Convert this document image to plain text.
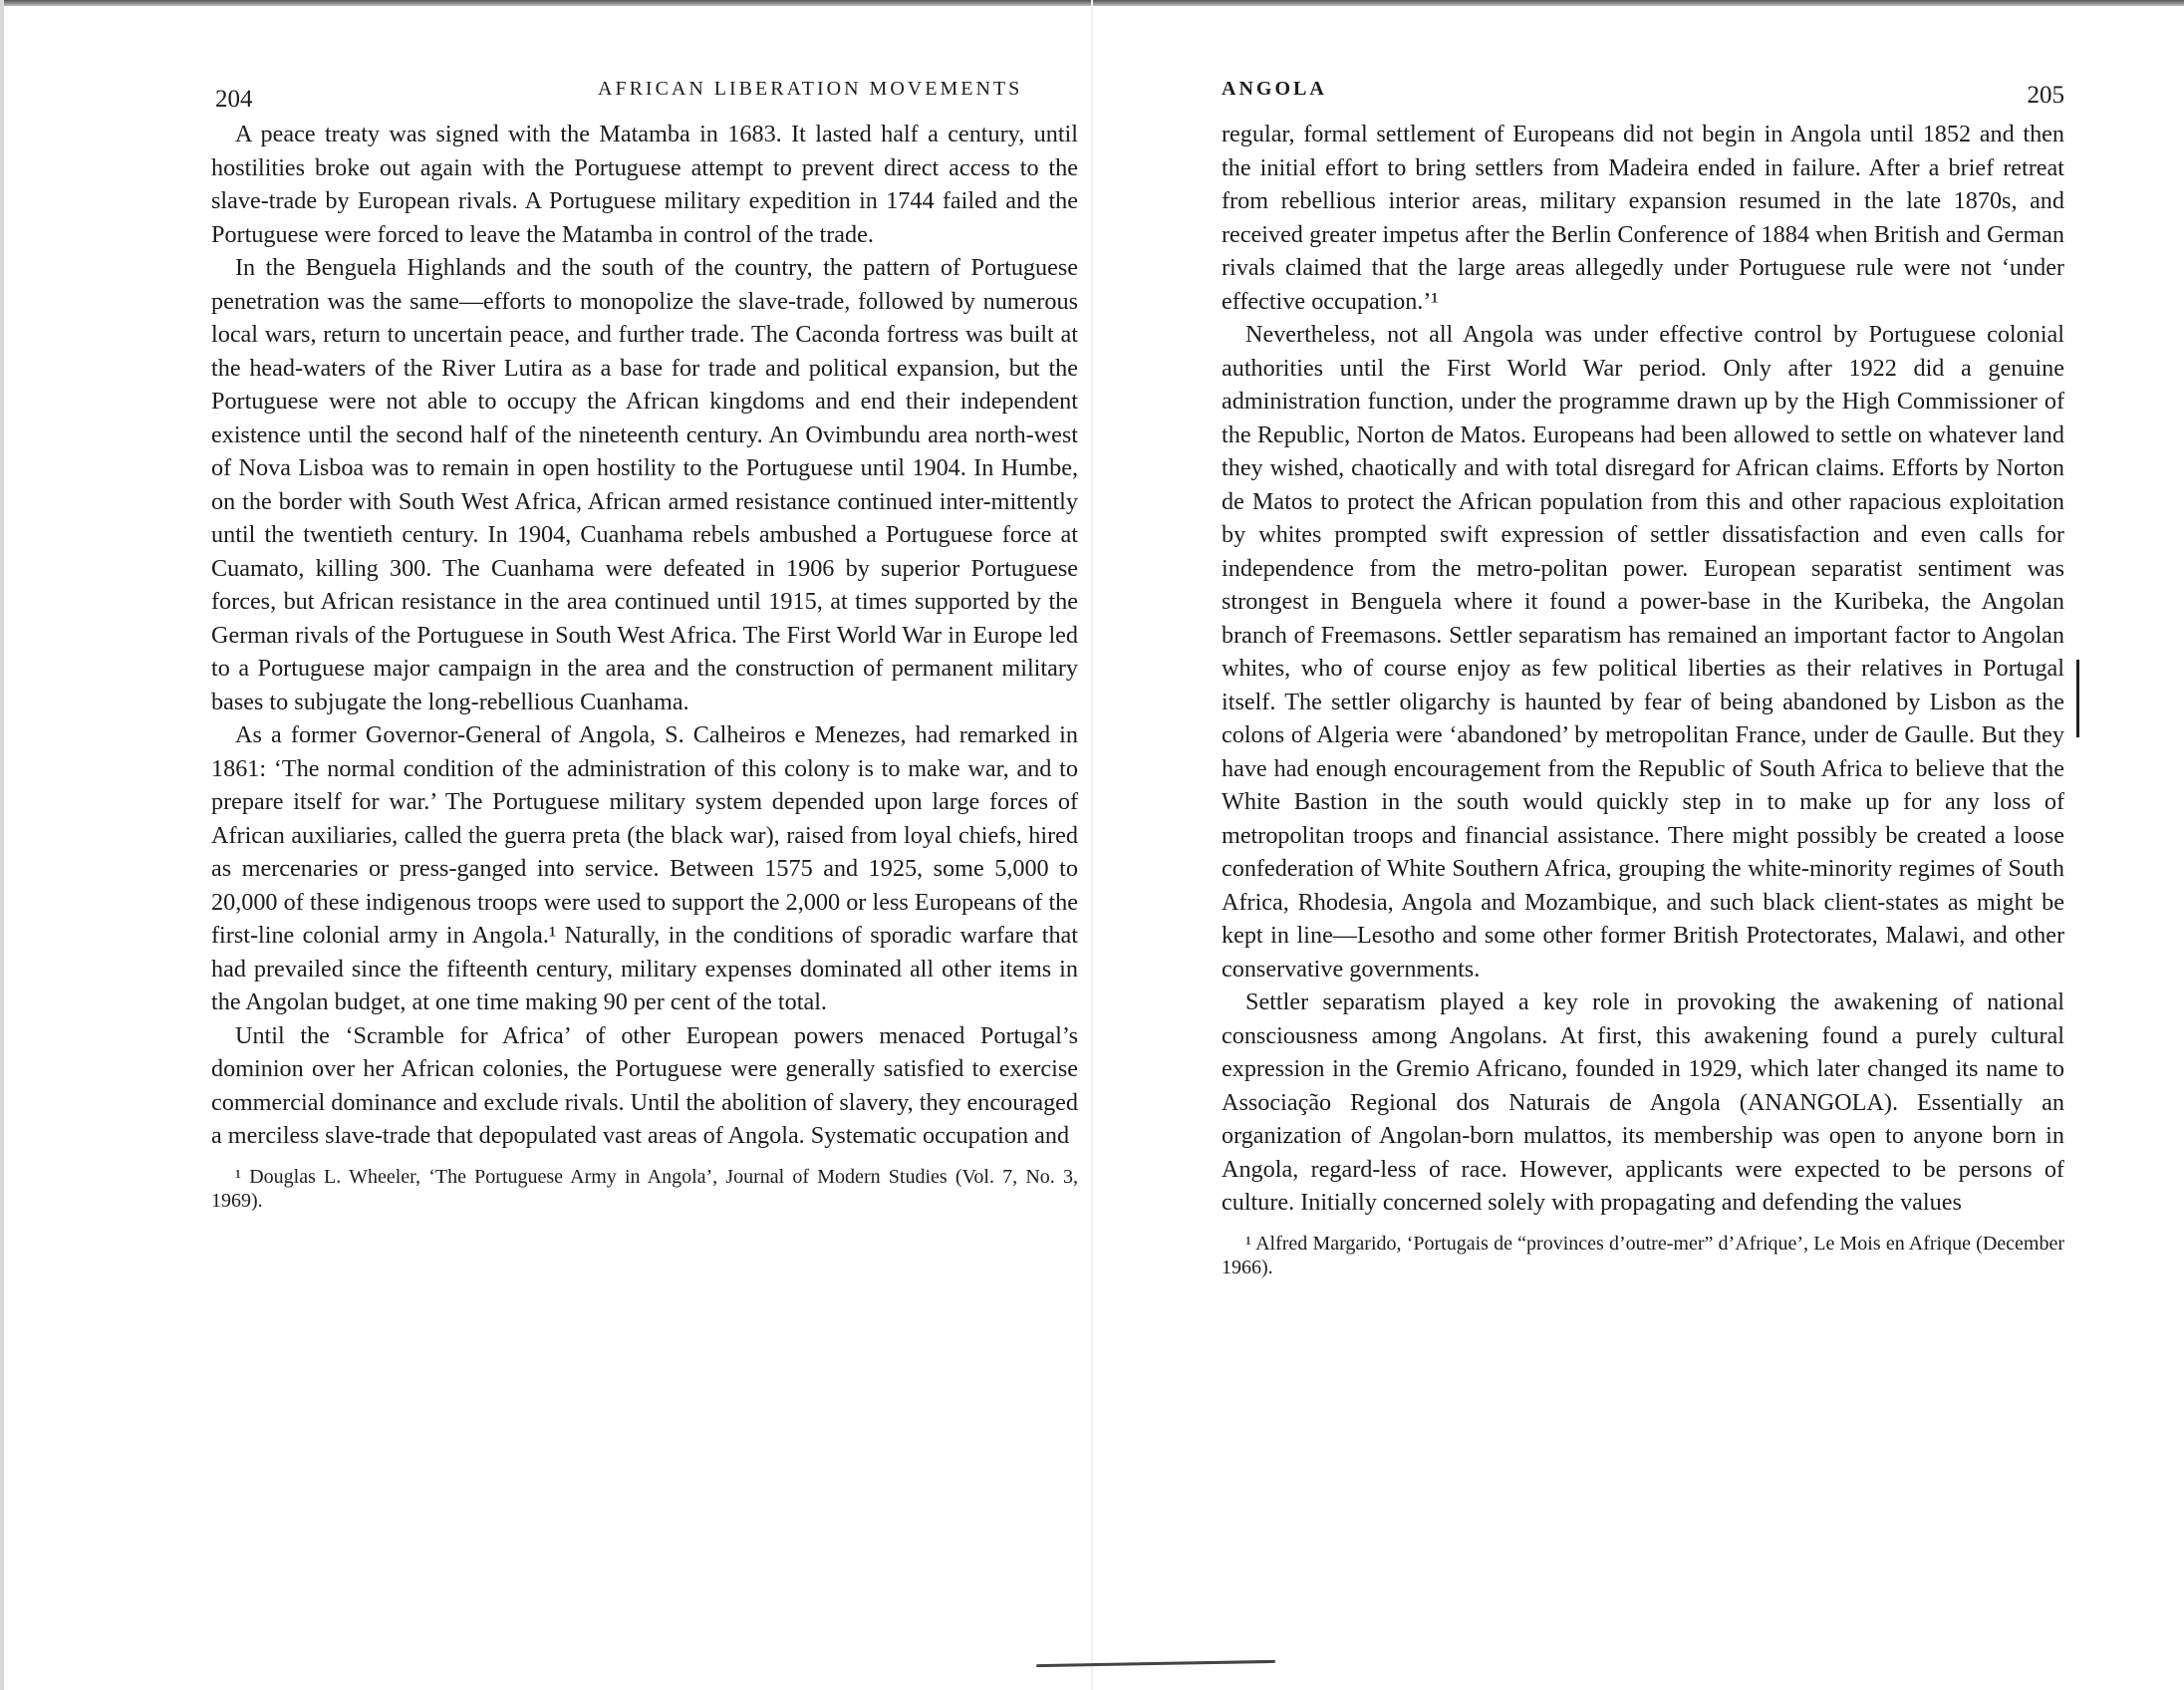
204	AFRICAN LIBERATION MOVEMENTS

A peace treaty was signed with the Matamba in 1683. It lasted half a century, until hostilities broke out again with the Portuguese attempt to prevent direct access to the slave-trade by European rivals. A Portuguese military expedition in 1744 failed and the Portuguese were forced to leave the Matamba in control of the trade.

In the Benguela Highlands and the south of the country, the pattern of Portuguese penetration was the same—efforts to monopolize the slave-trade, followed by numerous local wars, return to uncertain peace, and further trade. The Caconda fortress was built at the head-waters of the River Lutira as a base for trade and political expansion, but the Portuguese were not able to occupy the African kingdoms and end their independent existence until the second half of the nineteenth century. An Ovimbundu area north-west of Nova Lisboa was to remain in open hostility to the Portuguese until 1904. In Humbe, on the border with South West Africa, African armed resistance continued inter-mittently until the twentieth century. In 1904, Cuanhama rebels ambushed a Portuguese force at Cuamato, killing 300. The Cuanhama were defeated in 1906 by superior Portuguese forces, but African resistance in the area continued until 1915, at times supported by the German rivals of the Portuguese in South West Africa. The First World War in Europe led to a Portuguese major campaign in the area and the construction of permanent military bases to subjugate the long-rebellious Cuanhama.

As a former Governor-General of Angola, S. Calheiros e Menezes, had remarked in 1861: ‘The normal condition of the administration of this colony is to make war, and to prepare itself for war.’ The Portuguese military system depended upon large forces of African auxiliaries, called the guerra preta (the black war), raised from loyal chiefs, hired as mercenaries or press-ganged into service. Between 1575 and 1925, some 5,000 to 20,000 of these indigenous troops were used to support the 2,000 or less Europeans of the first-line colonial army in Angola.¹ Naturally, in the conditions of sporadic warfare that had prevailed since the fifteenth century, military expenses dominated all other items in the Angolan budget, at one time making 90 per cent of the total.

Until the ‘Scramble for Africa’ of other European powers menaced Portugal’s dominion over her African colonies, the Portuguese were generally satisfied to exercise commercial dominance and exclude rivals. Until the abolition of slavery, they encouraged a merciless slave-trade that depopulated vast areas of Angola. Systematic occupation and

¹ Douglas L. Wheeler, ‘The Portuguese Army in Angola’, Journal of Modern Studies (Vol. 7, No. 3, 1969).

ANGOLA	205

regular, formal settlement of Europeans did not begin in Angola until 1852 and then the initial effort to bring settlers from Madeira ended in failure. After a brief retreat from rebellious interior areas, military expansion resumed in the late 1870s, and received greater impetus after the Berlin Conference of 1884 when British and German rivals claimed that the large areas allegedly under Portuguese rule were not ‘under effective occupation.’¹

Nevertheless, not all Angola was under effective control by Portuguese colonial authorities until the First World War period. Only after 1922 did a genuine administration function, under the programme drawn up by the High Commissioner of the Republic, Norton de Matos. Europeans had been allowed to settle on whatever land they wished, chaotically and with total disregard for African claims. Efforts by Norton de Matos to protect the African population from this and other rapacious exploitation by whites prompted swift expression of settler dissatisfaction and even calls for independence from the metro-politan power. European separatist sentiment was strongest in Benguela where it found a power-base in the Kuribeka, the Angolan branch of Freemasons. Settler separatism has remained an important factor to Angolan whites, who of course enjoy as few political liberties as their relatives in Portugal itself. The settler oligarchy is haunted by fear of being abandoned by Lisbon as the colons of Algeria were ‘abandoned’ by metropolitan France, under de Gaulle. But they have had enough encouragement from the Republic of South Africa to believe that the White Bastion in the south would quickly step in to make up for any loss of metropolitan troops and financial assistance. There might possibly be created a loose confederation of White Southern Africa, grouping the white-minority regimes of South Africa, Rhodesia, Angola and Mozambique, and such black client-states as might be kept in line—Lesotho and some other former British Protectorates, Malawi, and other conservative governments.

Settler separatism played a key role in provoking the awakening of national consciousness among Angolans. At first, this awakening found a purely cultural expression in the Gremio Africano, founded in 1929, which later changed its name to Associação Regional dos Naturais de Angola (ANANGOLA). Essentially an organization of Angolan-born mulattos, its membership was open to anyone born in Angola, regard-less of race. However, applicants were expected to be persons of culture. Initially concerned solely with propagating and defending the values

¹ Alfred Margarido, ‘Portugais de “provinces d’outre-mer” d’Afrique’, Le Mois en Afrique (December 1966).
